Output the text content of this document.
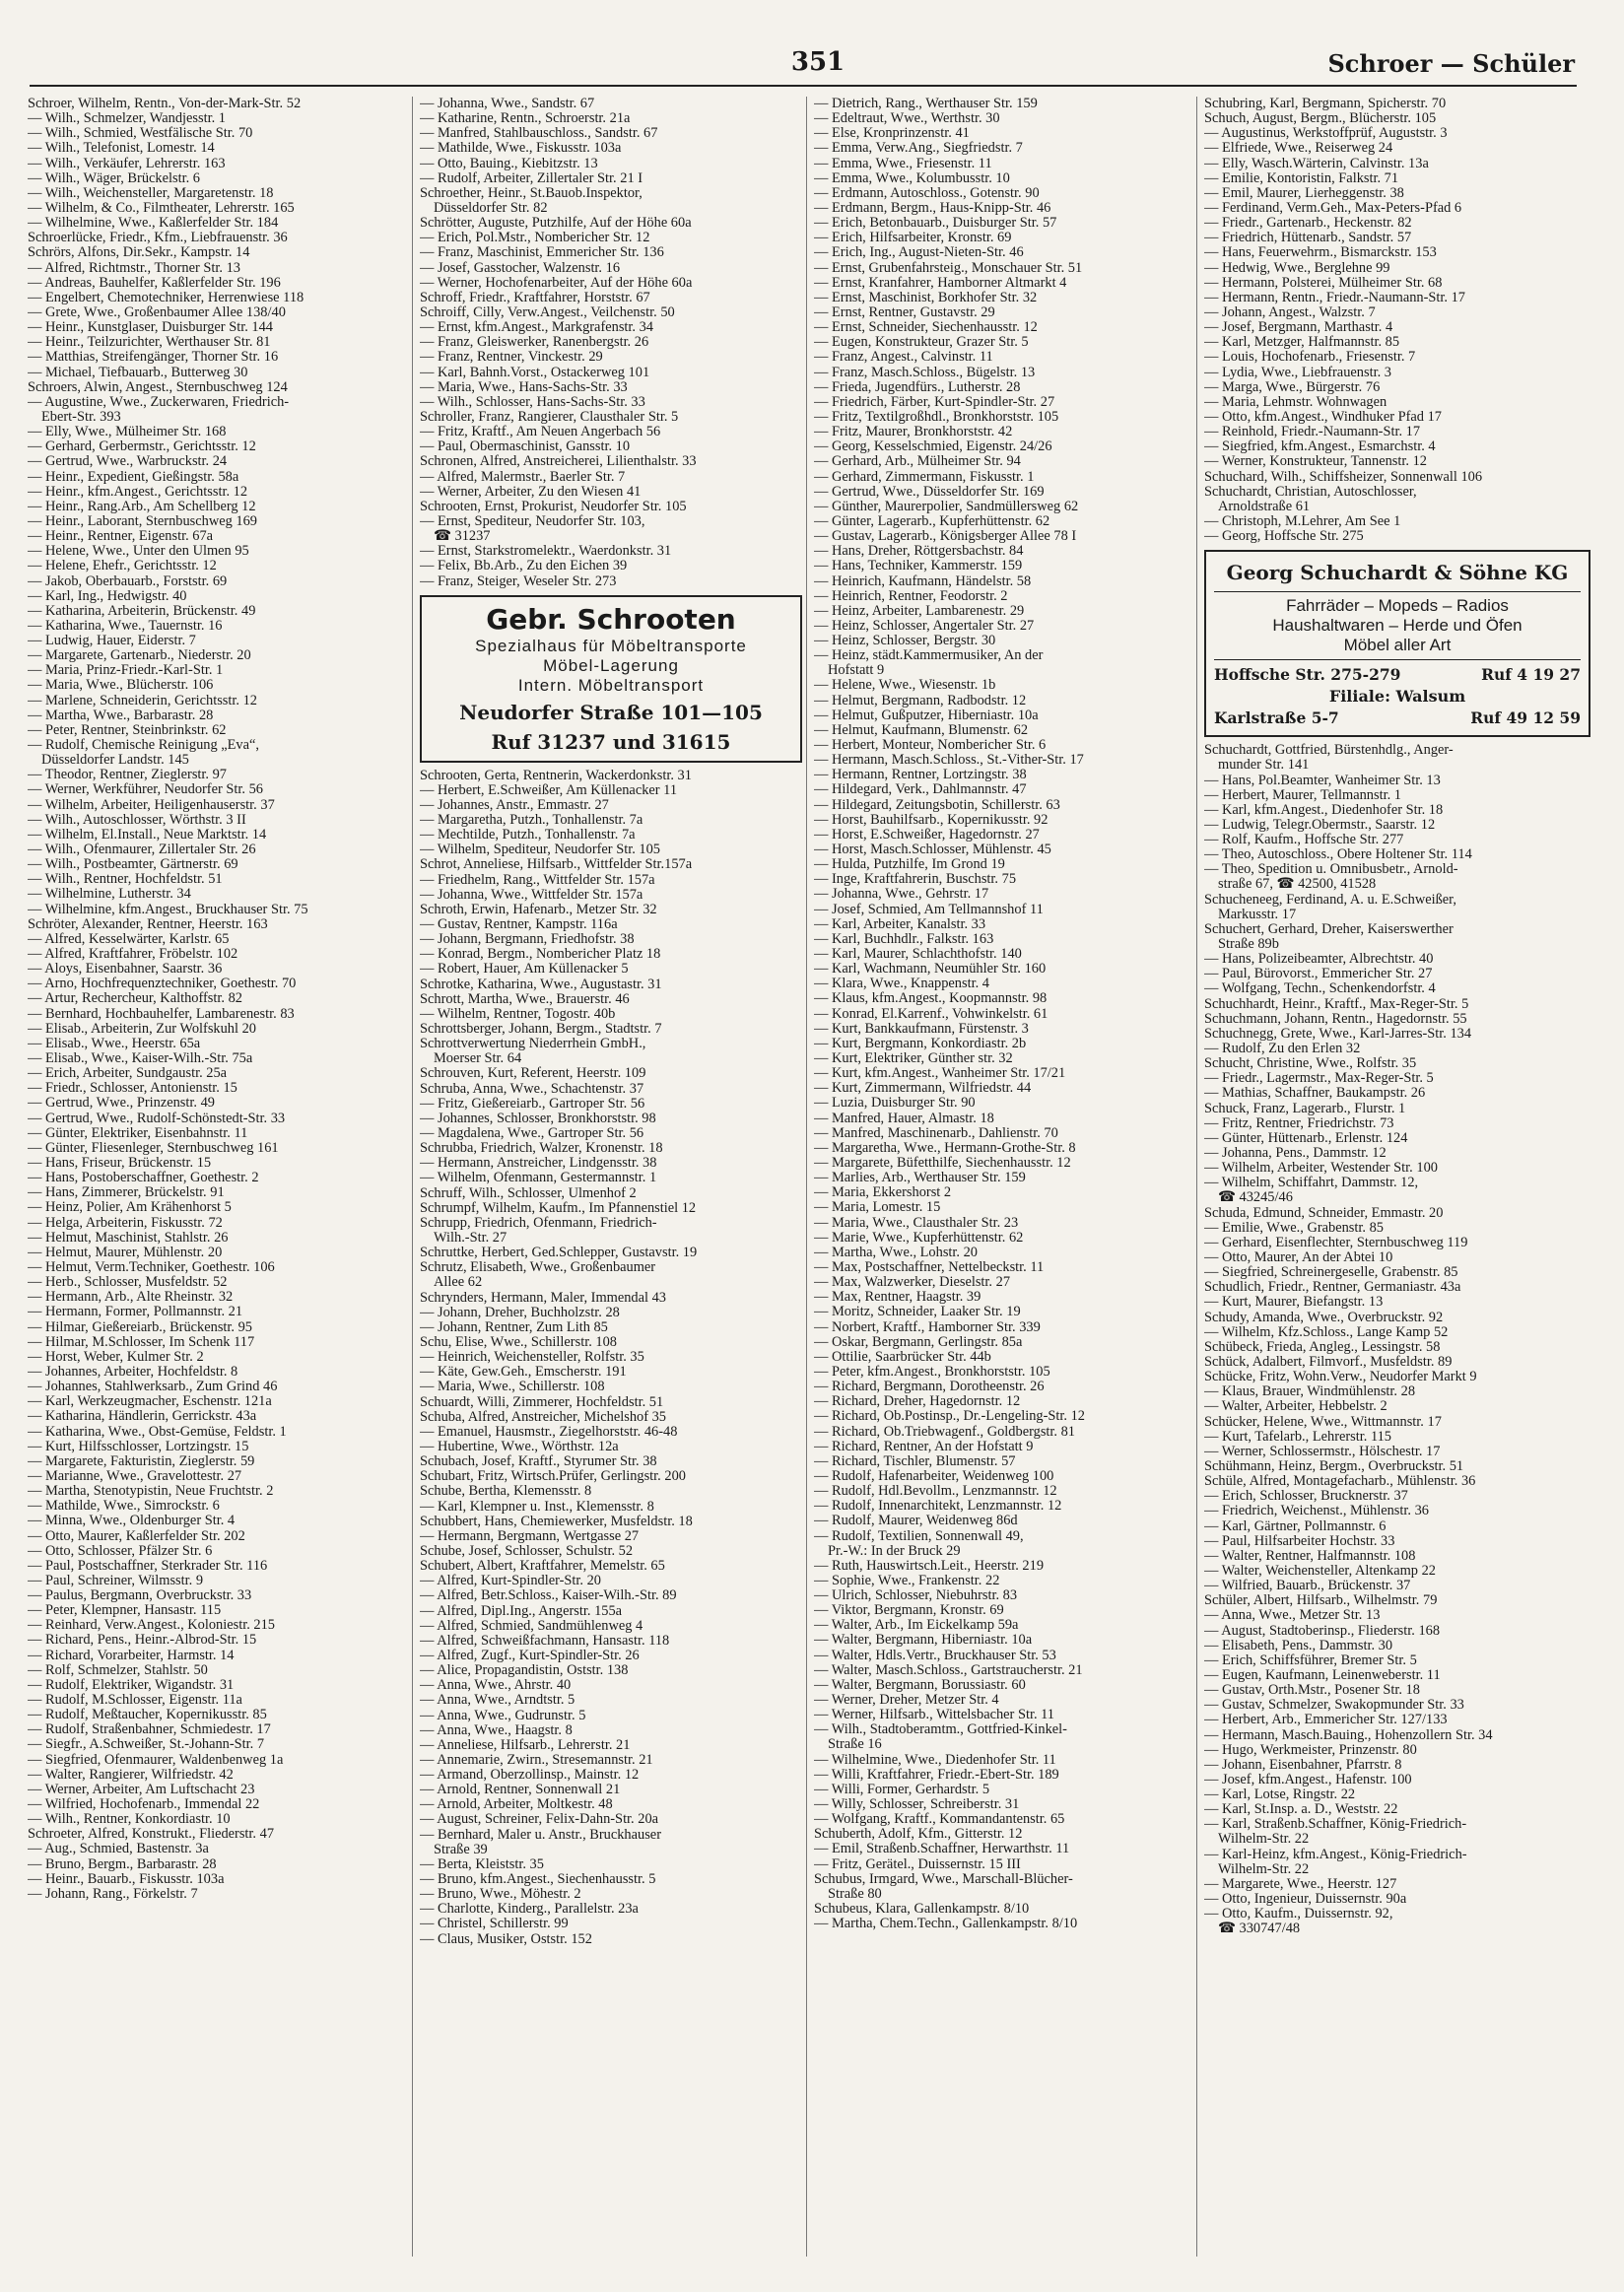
351	Schroer — Schüler
Schroer, Wilhelm, Rentn., Von-der-Mark-Str. 52
— Wilh., Schmelzer, Wandjesstr. 1
— Wilh., Schmied, Westfälische Str. 70
— Wilh., Telefonist, Lomestr. 14
— Wilh., Verkäufer, Lehrerstr. 163
— Wilh., Wäger, Brückelstr. 6
— Wilh., Weichensteller, Margaretenstr. 18
— Wilhelm, & Co., Filmtheater, Lehrerstr. 165
— Wilhelmine, Wwe., Kaßlerfelder Str. 184
Schroerlücke, Friedr., Kfm., Liebfrauenstr. 36
Schrörs, Alfons, Dir.Sekr., Kampstr. 14
— Alfred, Richtmstr., Thorner Str. 13
— Andreas, Bauhelfer, Kaßlerfelder Str. 196
— Engelbert, Chemotechniker, Herrenwiese 118
— Grete, Wwe., Großenbaumer Allee 138/40
— Heinr., Kunstglaser, Duisburger Str. 144
— Heinr., Teilzurichter, Werthauser Str. 81
— Matthias, Streifengänger, Thorner Str. 16
— Michael, Tiefbauarb., Butterweg 30
Schroers, Alwin, Angest., Sternbuschweg 124
— Augustine, Wwe., Zuckerwaren, Friedrich-
Ebert-Str. 393
— Elly, Wwe., Mülheimer Str. 168
— Gerhard, Gerbermstr., Gerichtsstr. 12
— Gertrud, Wwe., Warbruckstr. 24
— Heinr., Expedient, Gießingstr. 58a
— Heinr., kfm.Angest., Gerichtsstr. 12
— Heinr., Rang.Arb., Am Schellberg 12
— Heinr., Laborant, Sternbuschweg 169
— Heinr., Rentner, Eigenstr. 67a
— Helene, Wwe., Unter den Ulmen 95
— Helene, Ehefr., Gerichtsstr. 12
— Jakob, Oberbauarb., Forststr. 69
— Karl, Ing., Hedwigstr. 40
— Katharina, Arbeiterin, Brückenstr. 49
— Katharina, Wwe., Tauernstr. 16
— Ludwig, Hauer, Eiderstr. 7
— Margarete, Gartenarb., Niederstr. 20
— Maria, Prinz-Friedr.-Karl-Str. 1
— Maria, Wwe., Blücherstr. 106
— Marlene, Schneiderin, Gerichtsstr. 12
— Martha, Wwe., Barbarastr. 28
— Peter, Rentner, Steinbrinkstr. 62
— Rudolf, Chemische Reinigung „Eva“,
Düsseldorfer Landstr. 145
— Theodor, Rentner, Zieglerstr. 97
— Werner, Werkführer, Neudorfer Str. 56
— Wilhelm, Arbeiter, Heiligenhauserstr. 37
— Wilh., Autoschlosser, Wörthstr. 3 II
— Wilhelm, El.Install., Neue Marktstr. 14
— Wilh., Ofenmaurer, Zillertaler Str. 26
— Wilh., Postbeamter, Gärtnerstr. 69
— Wilh., Rentner, Hochfeldstr. 51
— Wilhelmine, Lutherstr. 34
— Wilhelmine, kfm.Angest., Bruckhauser Str. 75
Schröter, Alexander, Rentner, Heerstr. 163
— Alfred, Kesselwärter, Karlstr. 65
— Alfred, Kraftfahrer, Fröbelstr. 102
— Aloys, Eisenbahner, Saarstr. 36
— Arno, Hochfrequenztechniker, Goethestr. 70
— Artur, Rechercheur, Kalthoffstr. 82
— Bernhard, Hochbauhelfer, Lambarenestr. 83
— Elisab., Arbeiterin, Zur Wolfskuhl 20
— Elisab., Wwe., Heerstr. 65a
— Elisab., Wwe., Kaiser-Wilh.-Str. 75a
— Erich, Arbeiter, Sundgaustr. 25a
— Friedr., Schlosser, Antonienstr. 15
— Gertrud, Wwe., Prinzenstr. 49
— Gertrud, Wwe., Rudolf-Schönstedt-Str. 33
— Günter, Elektriker, Eisenbahnstr. 11
— Günter, Fliesenleger, Sternbuschweg 161
— Hans, Friseur, Brückenstr. 15
— Hans, Postoberschaffner, Goethestr. 2
— Hans, Zimmerer, Brückelstr. 91
— Heinz, Polier, Am Krähenhorst 5
— Helga, Arbeiterin, Fiskusstr. 72
— Helmut, Maschinist, Stahlstr. 26
— Helmut, Maurer, Mühlenstr. 20
— Helmut, Verm.Techniker, Goethestr. 106
— Herb., Schlosser, Musfeldstr. 52
— Hermann, Arb., Alte Rheinstr. 32
— Hermann, Former, Pollmannstr. 21
— Hilmar, Gießereiarb., Brückenstr. 95
— Hilmar, M.Schlosser, Im Schenk 117
— Horst, Weber, Kulmer Str. 2
— Johannes, Arbeiter, Hochfeldstr. 8
— Johannes, Stahlwerksarb., Zum Grind 46
— Karl, Werkzeugmacher, Eschenstr. 121a
— Katharina, Händlerin, Gerrickstr. 43a
— Katharina, Wwe., Obst-Gemüse, Feldstr. 1
— Kurt, Hilfsschlosser, Lortzingstr. 15
— Margarete, Fakturistin, Zieglerstr. 59
— Marianne, Wwe., Gravelottestr. 27
— Martha, Stenotypistin, Neue Fruchtstr. 2
— Mathilde, Wwe., Simrockstr. 6
— Minna, Wwe., Oldenburger Str. 4
— Otto, Maurer, Kaßlerfelder Str. 202
— Otto, Schlosser, Pfälzer Str. 6
— Paul, Postschaffner, Sterkrader Str. 116
— Paul, Schreiner, Wilmsstr. 9
— Paulus, Bergmann, Overbruckstr. 33
— Peter, Klempner, Hansastr. 115
— Reinhard, Verw.Angest., Koloniestr. 215
— Richard, Pens., Heinr.-Albrod-Str. 15
— Richard, Vorarbeiter, Harmstr. 14
— Rolf, Schmelzer, Stahlstr. 50
— Rudolf, Elektriker, Wigandstr. 31
— Rudolf, M.Schlosser, Eigenstr. 11a
— Rudolf, Meßtaucher, Kopernikusstr. 85
— Rudolf, Straßenbahner, Schmiedestr. 17
— Siegfr., A.Schweißer, St.-Johann-Str. 7
— Siegfried, Ofenmaurer, Waldenbenweg 1a
— Walter, Rangierer, Wilfriedstr. 42
— Werner, Arbeiter, Am Luftschacht 23
— Wilfried, Hochofenarb., Immendal 22
— Wilh., Rentner, Konkordiastr. 10
Schroeter, Alfred, Konstrukt., Fliederstr. 47
— Aug., Schmied, Bastenstr. 3a
— Bruno, Bergm., Barbarastr. 28
— Heinr., Bauarb., Fiskusstr. 103a
— Johann, Rang., Förkelstr. 7
— Johanna, Wwe., Sandstr. 67
— Katharine, Rentn., Schroerstr. 21a
— Manfred, Stahlbauschloss., Sandstr. 67
— Mathilde, Wwe., Fiskusstr. 103a
— Otto, Bauing., Kiebitzstr. 13
— Rudolf, Arbeiter, Zillertaler Str. 21 I
Schroether, Heinr., St.Bauob.Inspektor,
Düsseldorfer Str. 82
Schrötter, Auguste, Putzhilfe, Auf der Höhe 60a
— Erich, Pol.Mstr., Nombericher Str. 12
— Franz, Maschinist, Emmericher Str. 136
— Josef, Gasstocher, Walzenstr. 16
— Werner, Hochofenarbeiter, Auf der Höhe 60a
Schroff, Friedr., Kraftfahrer, Horststr. 67
Schroiff, Cilly, Verw.Angest., Veilchenstr. 50
— Ernst, kfm.Angest., Markgrafenstr. 34
— Franz, Gleiswerker, Ranenbergstr. 26
— Franz, Rentner, Vinckestr. 29
— Karl, Bahnh.Vorst., Ostackerweg 101
— Maria, Wwe., Hans-Sachs-Str. 33
— Wilh., Schlosser, Hans-Sachs-Str. 33
Schroller, Franz, Rangierer, Clausthaler Str. 5
— Fritz, Kraftf., Am Neuen Angerbach 56
— Paul, Obermaschinist, Gansstr. 10
Schronen, Alfred, Anstreicherei, Lilienthalstr. 33
— Alfred, Malermstr., Baerler Str. 7
— Werner, Arbeiter, Zu den Wiesen 41
Schrooten, Ernst, Prokurist, Neudorfer Str. 105
— Ernst, Spediteur, Neudorfer Str. 103,
☎ 31237
— Ernst, Starkstromelektr., Waerdonkstr. 31
— Felix, Bb.Arb., Zu den Eichen 39
— Franz, Steiger, Weseler Str. 273
Gebr. Schrooten
Spezialhaus für Möbeltransporte
Möbel-Lagerung
Intern. Möbeltransport
Neudorfer Straße 101—105
Ruf 31237 und 31615
Schrooten, Gerta, Rentnerin, Wackerdonkstr. 31
— Herbert, E.Schweißer, Am Küllenacker 11
— Johannes, Anstr., Emmastr. 27
— Margaretha, Putzh., Tonhallenstr. 7a
— Mechtilde, Putzh., Tonhallenstr. 7a
— Wilhelm, Spediteur, Neudorfer Str. 105
Schrot, Anneliese, Hilfsarb., Wittfelder Str.157a
— Friedhelm, Rang., Wittfelder Str. 157a
— Johanna, Wwe., Wittfelder Str. 157a
Schroth, Erwin, Hafenarb., Metzer Str. 32
— Gustav, Rentner, Kampstr. 116a
— Johann, Bergmann, Friedhofstr. 38
— Konrad, Bergm., Nombericher Platz 18
— Robert, Hauer, Am Küllenacker 5
Schrotke, Katharina, Wwe., Augustastr. 31
Schrott, Martha, Wwe., Brauerstr. 46
— Wilhelm, Rentner, Togostr. 40b
Schrottsberger, Johann, Bergm., Stadtstr. 7
Schrottverwertung Niederrhein GmbH.,
Moerser Str. 64
Schrouven, Kurt, Referent, Heerstr. 109
Schruba, Anna, Wwe., Schachtenstr. 37
— Fritz, Gießereiarb., Gartroper Str. 56
— Johannes, Schlosser, Bronkhorststr. 98
— Magdalena, Wwe., Gartroper Str. 56
Schrubba, Friedrich, Walzer, Kronenstr. 18
— Hermann, Anstreicher, Lindgensstr. 38
— Wilhelm, Ofenmann, Gestermannstr. 1
Schruff, Wilh., Schlosser, Ulmenhof 2
Schrumpf, Wilhelm, Kaufm., Im Pfannenstiel 12
Schrupp, Friedrich, Ofenmann, Friedrich-
Wilh.-Str. 27
Schruttke, Herbert, Ged.Schlepper, Gustavstr. 19
Schrutz, Elisabeth, Wwe., Großenbaumer
Allee 62
Schrynders, Hermann, Maler, Immendal 43
— Johann, Dreher, Buchholzstr. 28
— Johann, Rentner, Zum Lith 85
Schu, Elise, Wwe., Schillerstr. 108
— Heinrich, Weichensteller, Rolfstr. 35
— Käte, Gew.Geh., Emscherstr. 191
— Maria, Wwe., Schillerstr. 108
Schuardt, Willi, Zimmerer, Hochfeldstr. 51
Schuba, Alfred, Anstreicher, Michelshof 35
— Emanuel, Hausmstr., Ziegelhorststr. 46-48
— Hubertine, Wwe., Wörthstr. 12a
Schubach, Josef, Kraftf., Styrumer Str. 38
Schubart, Fritz, Wirtsch.Prüfer, Gerlingstr. 200
Schube, Bertha, Klemensstr. 8
— Karl, Klempner u. Inst., Klemensstr. 8
Schubbert, Hans, Chemiewerker, Musfeldstr. 18
— Hermann, Bergmann, Wertgasse 27
Schube, Josef, Schlosser, Schulstr. 52
Schubert, Albert, Kraftfahrer, Memelstr. 65
— Alfred, Kurt-Spindler-Str. 20
— Alfred, Betr.Schloss., Kaiser-Wilh.-Str. 89
— Alfred, Dipl.Ing., Angerstr. 155a
— Alfred, Schmied, Sandmühlenweg 4
— Alfred, Schweißfachmann, Hansastr. 118
— Alfred, Zugf., Kurt-Spindler-Str. 26
— Alice, Propagandistin, Oststr. 138
— Anna, Wwe., Ahrstr. 40
— Anna, Wwe., Arndtstr. 5
— Anna, Wwe., Gudrunstr. 5
— Anna, Wwe., Haagstr. 8
— Anneliese, Hilfsarb., Lehrerstr. 21
— Annemarie, Zwirn., Stresemannstr. 21
— Armand, Oberzollinsp., Mainstr. 12
— Arnold, Rentner, Sonnenwall 21
— Arnold, Arbeiter, Moltkestr. 48
— August, Schreiner, Felix-Dahn-Str. 20a
— Bernhard, Maler u. Anstr., Bruckhauser
Straße 39
— Berta, Kleiststr. 35
— Bruno, kfm.Angest., Siechenhausstr. 5
— Bruno, Wwe., Möhestr. 2
— Charlotte, Kinderg., Parallelstr. 23a
— Christel, Schillerstr. 99
— Claus, Musiker, Oststr. 152
— Dietrich, Rang., Werthauser Str. 159
— Edeltraut, Wwe., Werthstr. 30
— Else, Kronprinzenstr. 41
— Emma, Verw.Ang., Siegfriedstr. 7
— Emma, Wwe., Friesenstr. 11
— Emma, Wwe., Kolumbusstr. 10
— Erdmann, Autoschloss., Gotenstr. 90
— Erdmann, Bergm., Haus-Knipp-Str. 46
— Erich, Betonbauarb., Duisburger Str. 57
— Erich, Hilfsarbeiter, Kronstr. 69
— Erich, Ing., August-Nieten-Str. 46
— Ernst, Grubenfahrsteig., Monschauer Str. 51
— Ernst, Kranfahrer, Hamborner Altmarkt 4
— Ernst, Maschinist, Borkhofer Str. 32
— Ernst, Rentner, Gustavstr. 29
— Ernst, Schneider, Siechenhausstr. 12
— Eugen, Konstrukteur, Grazer Str. 5
— Franz, Angest., Calvinstr. 11
— Franz, Masch.Schloss., Bügelstr. 13
— Frieda, Jugendfürs., Lutherstr. 28
— Friedrich, Färber, Kurt-Spindler-Str. 27
— Fritz, Textilgroßhdl., Bronkhorststr. 105
— Fritz, Maurer, Bronkhorststr. 42
— Georg, Kesselschmied, Eigenstr. 24/26
— Gerhard, Arb., Mülheimer Str. 94
— Gerhard, Zimmermann, Fiskusstr. 1
— Gertrud, Wwe., Düsseldorfer Str. 169
— Günther, Maurerpolier, Sandmüllersweg 62
— Günter, Lagerarb., Kupferhüttenstr. 62
— Gustav, Lagerarb., Königsberger Allee 78 I
— Hans, Dreher, Röttgersbachstr. 84
— Hans, Techniker, Kammerstr. 159
— Heinrich, Kaufmann, Händelstr. 58
— Heinrich, Rentner, Feodorstr. 2
— Heinz, Arbeiter, Lambarenestr. 29
— Heinz, Schlosser, Angertaler Str. 27
— Heinz, Schlosser, Bergstr. 30
— Heinz, städt.Kammermusiker, An der
Hofstatt 9
— Helene, Wwe., Wiesenstr. 1b
— Helmut, Bergmann, Radbodstr. 12
— Helmut, Gußputzer, Hiberniastr. 10a
— Helmut, Kaufmann, Blumenstr. 62
— Herbert, Monteur, Nombericher Str. 6
— Hermann, Masch.Schloss., St.-Vither-Str. 17
— Hermann, Rentner, Lortzingstr. 38
— Hildegard, Verk., Dahlmannstr. 47
— Hildegard, Zeitungsbotin, Schillerstr. 63
— Horst, Bauhilfsarb., Kopernikusstr. 92
— Horst, E.Schweißer, Hagedornstr. 27
— Horst, Masch.Schlosser, Mühlenstr. 45
— Hulda, Putzhilfe, Im Grond 19
— Inge, Kraftfahrerin, Buschstr. 75
— Johanna, Wwe., Gehrstr. 17
— Josef, Schmied, Am Tellmannshof 11
— Karl, Arbeiter, Kanalstr. 33
— Karl, Buchhdlr., Falkstr. 163
— Karl, Maurer, Schlachthofstr. 140
— Karl, Wachmann, Neumühler Str. 160
— Klara, Wwe., Knappenstr. 4
— Klaus, kfm.Angest., Koopmannstr. 98
— Konrad, El.Karrenf., Vohwinkelstr. 61
— Kurt, Bankkaufmann, Fürstenstr. 3
— Kurt, Bergmann, Konkordiastr. 2b
— Kurt, Elektriker, Günther str. 32
— Kurt, kfm.Angest., Wanheimer Str. 17/21
— Kurt, Zimmermann, Wilfriedstr. 44
— Luzia, Duisburger Str. 90
— Manfred, Hauer, Almastr. 18
— Manfred, Maschinenarb., Dahlienstr. 70
— Margaretha, Wwe., Hermann-Grothe-Str. 8
— Margarete, Büfetthilfe, Siechenhausstr. 12
— Marlies, Arb., Werthauser Str. 159
— Maria, Ekkershorst 2
— Maria, Lomestr. 15
— Maria, Wwe., Clausthaler Str. 23
— Marie, Wwe., Kupferhüttenstr. 62
— Martha, Wwe., Lohstr. 20
— Max, Postschaffner, Nettelbeckstr. 11
— Max, Walzwerker, Dieselstr. 27
— Max, Rentner, Haagstr. 39
— Moritz, Schneider, Laaker Str. 19
— Norbert, Kraftf., Hamborner Str. 339
— Oskar, Bergmann, Gerlingstr. 85a
— Ottilie, Saarbrücker Str. 44b
— Peter, kfm.Angest., Bronkhorststr. 105
— Richard, Bergmann, Dorotheenstr. 26
— Richard, Dreher, Hagedornstr. 12
— Richard, Ob.Postinsp., Dr.-Lengeling-Str. 12
— Richard, Ob.Triebwagenf., Goldbergstr. 81
— Richard, Rentner, An der Hofstatt 9
— Richard, Tischler, Blumenstr. 57
— Rudolf, Hafenarbeiter, Weidenweg 100
— Rudolf, Hdl.Bevollm., Lenzmannstr. 12
— Rudolf, Innenarchitekt, Lenzmannstr. 12
— Rudolf, Maurer, Weidenweg 86d
— Rudolf, Textilien, Sonnenwall 49,
Pr.-W.: In der Bruck 29
— Ruth, Hauswirtsch.Leit., Heerstr. 219
— Sophie, Wwe., Frankenstr. 22
— Ulrich, Schlosser, Niebuhrstr. 83
— Viktor, Bergmann, Kronstr. 69
— Walter, Arb., Im Eickelkamp 59a
— Walter, Bergmann, Hiberniastr. 10a
— Walter, Hdls.Vertr., Bruckhauser Str. 53
— Walter, Masch.Schloss., Gartstraucherstr. 21
— Walter, Bergmann, Borussiastr. 60
— Werner, Dreher, Metzer Str. 4
— Werner, Hilfsarb., Wittelsbacher Str. 11
— Wilh., Stadtoberamtm., Gottfried-Kinkel-
Straße 16
— Wilhelmine, Wwe., Diedenhofer Str. 11
— Willi, Kraftfahrer, Friedr.-Ebert-Str. 189
— Willi, Former, Gerhardstr. 5
— Willy, Schlosser, Schreiberstr. 31
— Wolfgang, Kraftf., Kommandantenstr. 65
Schuberth, Adolf, Kfm., Gitterstr. 12
— Emil, Straßenb.Schaffner, Herwarthstr. 11
— Fritz, Gerätel., Duissernstr. 15 III
Schubus, Irmgard, Wwe., Marschall-Blücher-
Straße 80
Schubeus, Klara, Gallenkampstr. 8/10
— Martha, Chem.Techn., Gallenkampstr. 8/10
Schubring, Karl, Bergmann, Spicherstr. 70
Schuch, August, Bergm., Blücherstr. 105
— Augustinus, Werkstoffprüf, Auguststr. 3
— Elfriede, Wwe., Reiserweg 24
— Elly, Wasch.Wärterin, Calvinstr. 13a
— Emilie, Kontoristin, Falkstr. 71
— Emil, Maurer, Lierheggenstr. 38
— Ferdinand, Verm.Geh., Max-Peters-Pfad 6
— Friedr., Gartenarb., Heckenstr. 82
— Friedrich, Hüttenarb., Sandstr. 57
— Hans, Feuerwehrm., Bismarckstr. 153
— Hedwig, Wwe., Berglehne 99
— Hermann, Polsterei, Mülheimer Str. 68
— Hermann, Rentn., Friedr.-Naumann-Str. 17
— Johann, Angest., Walzstr. 7
— Josef, Bergmann, Marthastr. 4
— Karl, Metzger, Halfmannstr. 85
— Louis, Hochofenarb., Friesenstr. 7
— Lydia, Wwe., Liebfrauenstr. 3
— Marga, Wwe., Bürgerstr. 76
— Maria, Lehmstr. Wohnwagen
— Otto, kfm.Angest., Windhuker Pfad 17
— Reinhold, Friedr.-Naumann-Str. 17
— Siegfried, kfm.Angest., Esmarchstr. 4
— Werner, Konstrukteur, Tannenstr. 12
Schuchard, Wilh., Schiffsheizer, Sonnenwall 106
Schuchardt, Christian, Autoschlosser,
Arnoldstraße 61
— Christoph, M.Lehrer, Am See 1
— Georg, Hoffsche Str. 275
Georg Schuchardt & Söhne KG
Fahrräder – Mopeds – Radios
Haushaltwaren – Herde und Öfen
Möbel aller Art
Hoffsche Str. 275-279	Ruf 4 19 27
Filiale: Walsum
Karlstraße 5-7	Ruf 49 12 59
Schuchardt, Gottfried, Bürstenhdlg., Anger-
munder Str. 141
— Hans, Pol.Beamter, Wanheimer Str. 13
— Herbert, Maurer, Tellmannstr. 1
— Karl, kfm.Angest., Diedenhofer Str. 18
— Ludwig, Telegr.Obermstr., Saarstr. 12
— Rolf, Kaufm., Hoffsche Str. 277
— Theo, Autoschloss., Obere Holtener Str. 114
— Theo, Spedition u. Omnibusbetr., Arnold-
straße 67, ☎ 42500, 41528
Schucheneeg, Ferdinand, A. u. E.Schweißer,
Markusstr. 17
Schuchert, Gerhard, Dreher, Kaiserswerther
Straße 89b
— Hans, Polizeibeamter, Albrechtstr. 40
— Paul, Bürovorst., Emmericher Str. 27
— Wolfgang, Techn., Schenkendorfstr. 4
Schuchhardt, Heinr., Kraftf., Max-Reger-Str. 5
Schuchmann, Johann, Rentn., Hagedornstr. 55
Schuchnegg, Grete, Wwe., Karl-Jarres-Str. 134
— Rudolf, Zu den Erlen 32
Schucht, Christine, Wwe., Rolfstr. 35
— Friedr., Lagermstr., Max-Reger-Str. 5
— Mathias, Schaffner, Baukampstr. 26
Schuck, Franz, Lagerarb., Flurstr. 1
— Fritz, Rentner, Friedrichstr. 73
— Günter, Hüttenarb., Erlenstr. 124
— Johanna, Pens., Dammstr. 12
— Wilhelm, Arbeiter, Westender Str. 100
— Wilhelm, Schiffahrt, Dammstr. 12,
☎ 43245/46
Schuda, Edmund, Schneider, Emmastr. 20
— Emilie, Wwe., Grabenstr. 85
— Gerhard, Eisenflechter, Sternbuschweg 119
— Otto, Maurer, An der Abtei 10
— Siegfried, Schreinergeselle, Grabenstr. 85
Schudlich, Friedr., Rentner, Germaniastr. 43a
— Kurt, Maurer, Biefangstr. 13
Schudy, Amanda, Wwe., Overbruckstr. 92
— Wilhelm, Kfz.Schloss., Lange Kamp 52
Schübeck, Frieda, Angleg., Lessingstr. 58
Schück, Adalbert, Filmvorf., Musfeldstr. 89
Schücke, Fritz, Wohn.Verw., Neudorfer Markt 9
— Klaus, Brauer, Windmühlenstr. 28
— Walter, Arbeiter, Hebbelstr. 2
Schücker, Helene, Wwe., Wittmannstr. 17
— Kurt, Tafelarb., Lehrerstr. 115
— Werner, Schlossermstr., Hölschestr. 17
Schühmann, Heinz, Bergm., Overbruckstr. 51
Schüle, Alfred, Montagefacharb., Mühlenstr. 36
— Erich, Schlosser, Brucknerstr. 37
— Friedrich, Weichenst., Mühlenstr. 36
— Karl, Gärtner, Pollmannstr. 6
— Paul, Hilfsarbeiter Hochstr. 33
— Walter, Rentner, Halfmannstr. 108
— Walter, Weichensteller, Altenkamp 22
— Wilfried, Bauarb., Brückenstr. 37
Schüler, Albert, Hilfsarb., Wilhelmstr. 79
— Anna, Wwe., Metzer Str. 13
— August, Stadtoberinsp., Fliederstr. 168
— Elisabeth, Pens., Dammstr. 30
— Erich, Schiffsführer, Bremer Str. 5
— Eugen, Kaufmann, Leinenweberstr. 11
— Gustav, Orth.Mstr., Posener Str. 18
— Gustav, Schmelzer, Swakopmunder Str. 33
— Herbert, Arb., Emmericher Str. 127/133
— Hermann, Masch.Bauing., Hohenzollern Str. 34
— Hugo, Werkmeister, Prinzenstr. 80
— Johann, Eisenbahner, Pfarrstr. 8
— Josef, kfm.Angest., Hafenstr. 100
— Karl, Lotse, Ringstr. 22
— Karl, St.Insp. a. D., Weststr. 22
— Karl, Straßenb.Schaffner, König-Friedrich-
Wilhelm-Str. 22
— Karl-Heinz, kfm.Angest., König-Friedrich-
Wilhelm-Str. 22
— Margarete, Wwe., Heerstr. 127
— Otto, Ingenieur, Duissernstr. 90a
— Otto, Kaufm., Duissernstr. 92,
☎ 330747/48
